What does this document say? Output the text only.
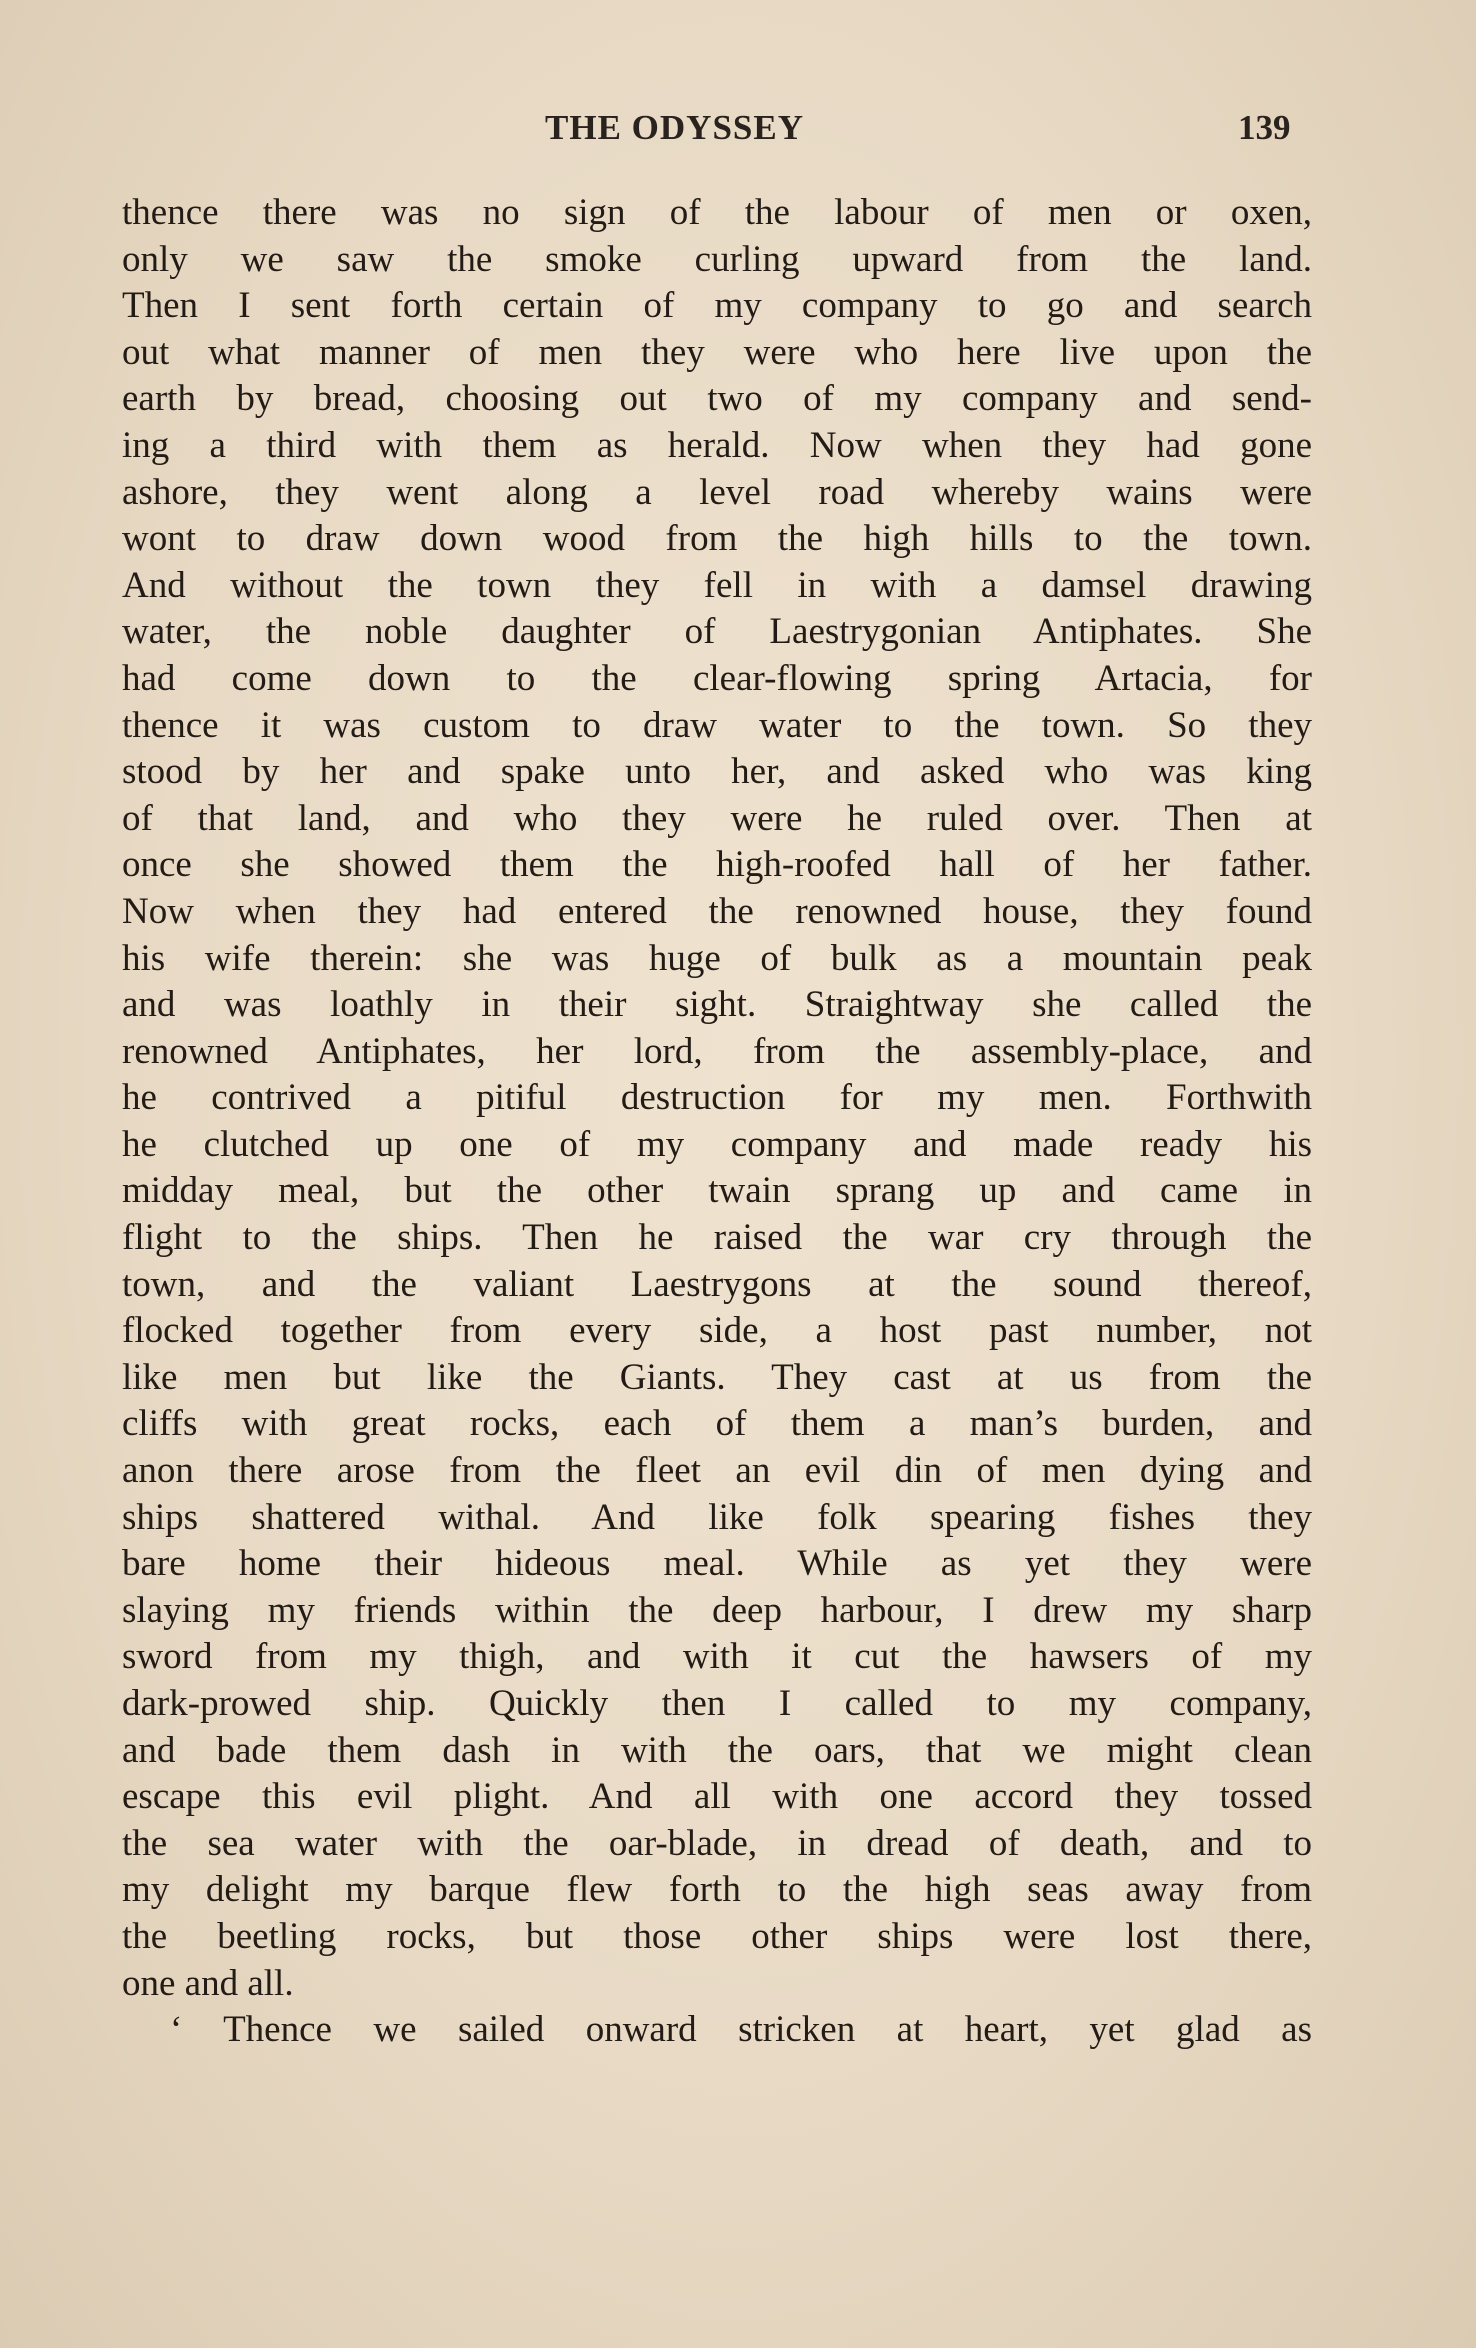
THE ODYSSEY	139
thence there was no sign of the labour of men or oxen,
only we saw the smoke curling upward from the land.
Then I sent forth certain of my company to go and search
out what manner of men they were who here live upon the
earth by bread, choosing out two of my company and send-
ing a third with them as herald. Now when they had gone
ashore, they went along a level road whereby wains were
wont to draw down wood from the high hills to the town.
And without the town they fell in with a damsel drawing
water, the noble daughter of Laestrygonian Antiphates. She
had come down to the clear-flowing spring Artacia, for
thence it was custom to draw water to the town. So they
stood by her and spake unto her, and asked who was king
of that land, and who they were he ruled over. Then at
once she showed them the high-roofed hall of her father.
Now when they had entered the renowned house, they found
his wife therein: she was huge of bulk as a mountain peak
and was loathly in their sight. Straightway she called the
renowned Antiphates, her lord, from the assembly-place, and
he contrived a pitiful destruction for my men. Forthwith
he clutched up one of my company and made ready his
midday meal, but the other twain sprang up and came in
flight to the ships. Then he raised the war cry through the
town, and the valiant Laestrygons at the sound thereof,
flocked together from every side, a host past number, not
like men but like the Giants. They cast at us from the
cliffs with great rocks, each of them a man’s burden, and
anon there arose from the fleet an evil din of men dying and
ships shattered withal. And like folk spearing fishes they
bare home their hideous meal. While as yet they were
slaying my friends within the deep harbour, I drew my sharp
sword from my thigh, and with it cut the hawsers of my
dark-prowed ship. Quickly then I called to my company,
and bade them dash in with the oars, that we might clean
escape this evil plight. And all with one accord they tossed
the sea water with the oar-blade, in dread of death, and to
my delight my barque flew forth to the high seas away from
the beetling rocks, but those other ships were lost there,
one and all.
‘ Thence we sailed onward stricken at heart, yet glad as
